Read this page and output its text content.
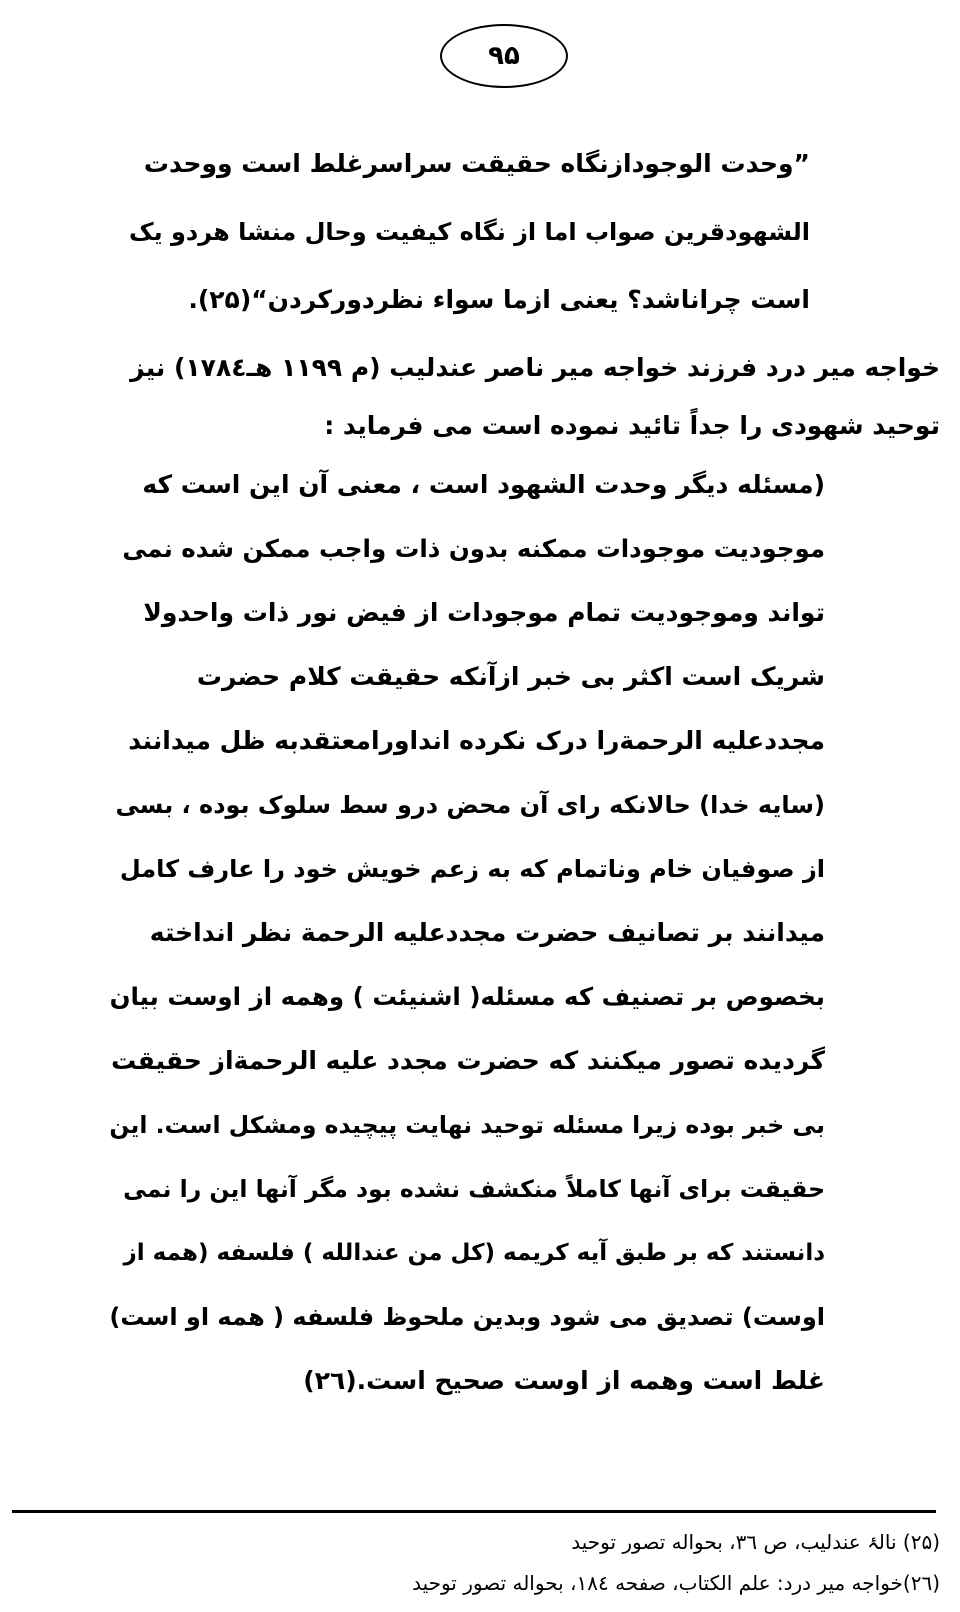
۹۵
”وحدت الوجودازنگاه حقیقت سراسرغلط است ووحدت
الشهودقرین صواب اما از نگاه کیفیت وحال منشا هردو یک
است چراناشد؟ یعنی ازما سواء نظردورکردن“(۲۵).
خواجه میر درد فرزند خواجه میر ناصر عندلیب (م ۱۱۹۹ هـ۱۷۸٤) نیز
توحید شهودی را جداً تائید نموده است می فرماید :
(مسئله دیگر وحدت الشهود است ، معنی آن این است که
موجودیت موجودات ممکنه بدون ذات واجب ممکن شده نمی
تواند وموجودیت تمام موجودات از فیض نور ذات واحدولا
شریک است اکثر بی خبر ازآنکه حقیقت کلام حضرت
مجددعلیه الرحمةرا درک نکرده انداورامعتقدبه ظل میدانند
(سایه خدا) حالانکه رای آن محض درو سط سلوک بوده ، بسی
از صوفیان خام وناتمام که به زعم خویش خود را عارف کامل
میدانند بر تصانیف حضرت مجددعلیه الرحمة نظر انداخته
بخصوص بر تصنیف که مسئله( اشنیئت ) وهمه از اوست بیان
گردیده تصور میکنند که حضرت مجدد علیه الرحمةاز حقیقت
بی خبر بوده زیرا مسئله توحید نهایت پیچیده ومشکل است. این
حقیقت برای آنها کاملاً منکشف نشده بود مگر آنها این را نمی
دانستند که بر طبق آیه کریمه (کل من عندالله ) فلسفه (همه از
اوست) تصدیق می شود وبدین ملحوظ فلسفه ( همه او است)
غلط است وهمه از اوست صحیح است.(۲٦)
(۲۵) نالۂ عندلیب، ص ۳٦، بحواله تصور توحید
(۲٦)خواجه میر درد: علم الکتاب، صفحه ۱۸٤، بحواله تصور توحید
